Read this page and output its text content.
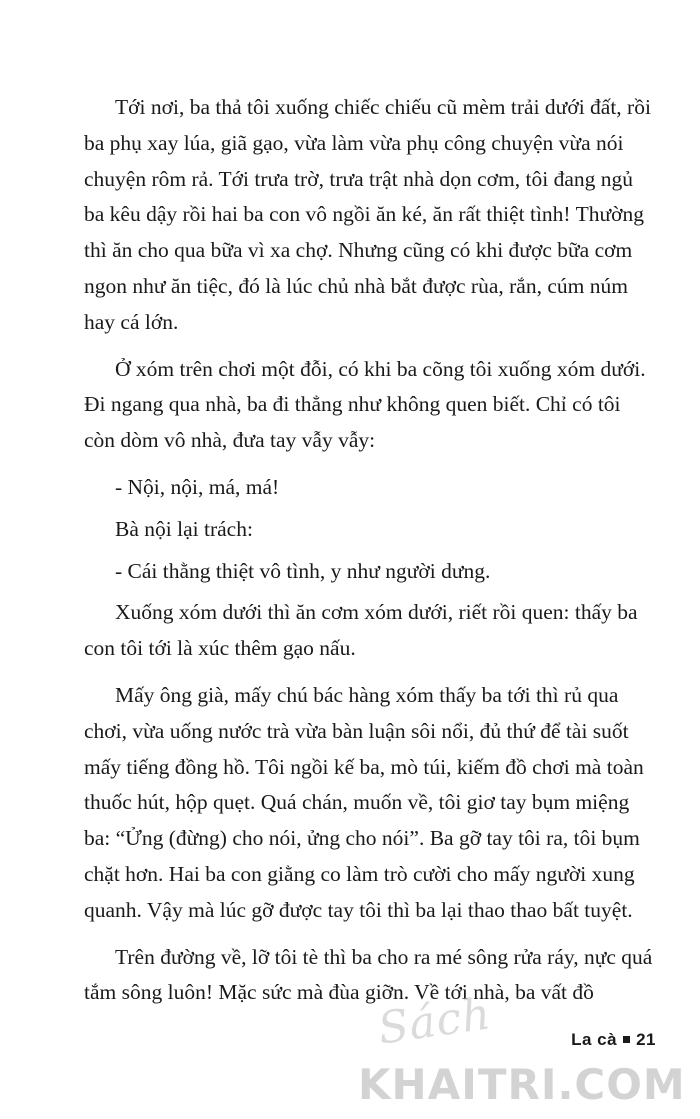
Tới nơi, ba thả tôi xuống chiếc chiếu cũ mèm trải dưới đất, rồi ba phụ xay lúa, giã gạo, vừa làm vừa phụ công chuyện vừa nói chuyện rôm rả. Tới trưa trờ, trưa trật nhà dọn cơm, tôi đang ngủ ba kêu dậy rồi hai ba con vô ngồi ăn ké, ăn rất thiệt tình! Thường thì ăn cho qua bữa vì xa chợ. Nhưng cũng có khi được bữa cơm ngon như ăn tiệc, đó là lúc chủ nhà bắt được rùa, rắn, cúm núm hay cá lớn.

Ở xóm trên chơi một đỗi, có khi ba cõng tôi xuống xóm dưới. Đi ngang qua nhà, ba đi thẳng như không quen biết. Chỉ có tôi còn dòm vô nhà, đưa tay vẫy vẫy:

- Nội, nội, má, má!

Bà nội lại trách:

- Cái thằng thiệt vô tình, y như người dưng.

Xuống xóm dưới thì ăn cơm xóm dưới, riết rồi quen: thấy ba con tôi tới là xúc thêm gạo nấu.

Mấy ông già, mấy chú bác hàng xóm thấy ba tới thì rủ qua chơi, vừa uống nước trà vừa bàn luận sôi nổi, đủ thứ để tài suốt mấy tiếng đồng hồ. Tôi ngồi kế ba, mò túi, kiếm đồ chơi mà toàn thuốc hút, hộp quẹt. Quá chán, muốn về, tôi giơ tay bụm miệng ba: “Ửng (đừng) cho nói, ửng cho nói”. Ba gỡ tay tôi ra, tôi bụm chặt hơn. Hai ba con giằng co làm trò cười cho mấy người xung quanh. Vậy mà lúc gỡ được tay tôi thì ba lại thao thao bất tuyệt.

Trên đường về, lỡ tôi tè thì ba cho ra mé sông rửa ráy, nực quá tắm sông luôn! Mặc sức mà đùa giỡn. Về tới nhà, ba vất đồ

Sách
KHAITRI.COM
La cà 21
